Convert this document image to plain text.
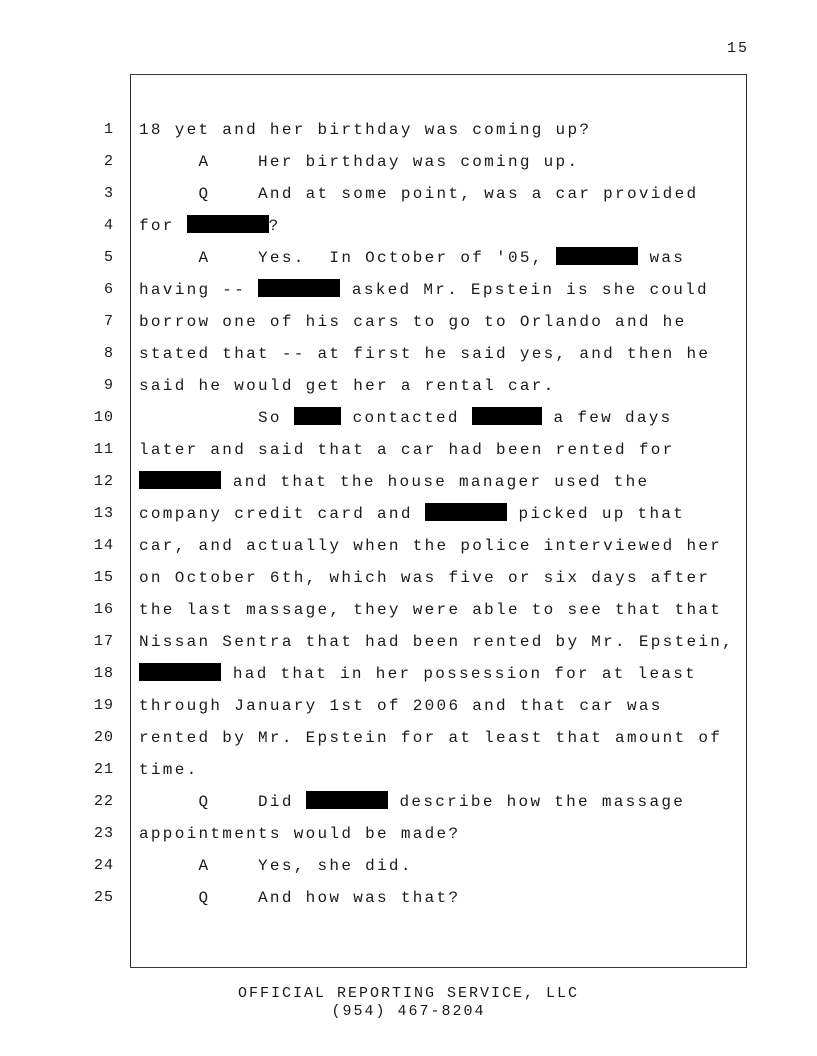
15
1 18 yet and her birthday was coming up?
2 A    Her birthday was coming up.
3 Q    And at some point, was a car provided
4 for	?
5 A    Yes.  In October of '05,	was
6 having --	asked Mr. Epstein is she could
7 borrow one of his cars to go to Orlando and he
8 stated that -- at first he said yes, and then he
9 said he would get her a rental car.
10 So	contacted	a few days
11 later and said that a car had been rented for
12	and that the house manager used the
13 company credit card and	picked up that
14 car, and actually when the police interviewed her
15 on October 6th, which was five or six days after
16 the last massage, they were able to see that that
17 Nissan Sentra that had been rented by Mr. Epstein,
18	had that in her possession for at least
19 through January 1st of 2006 and that car was
20 rented by Mr. Epstein for at least that amount of
21 time.
22 Q    Did	describe how the massage
23 appointments would be made?
24 A    Yes, she did.
25 Q    And how was that?
OFFICIAL REPORTING SERVICE, LLC
(954) 467-8204
